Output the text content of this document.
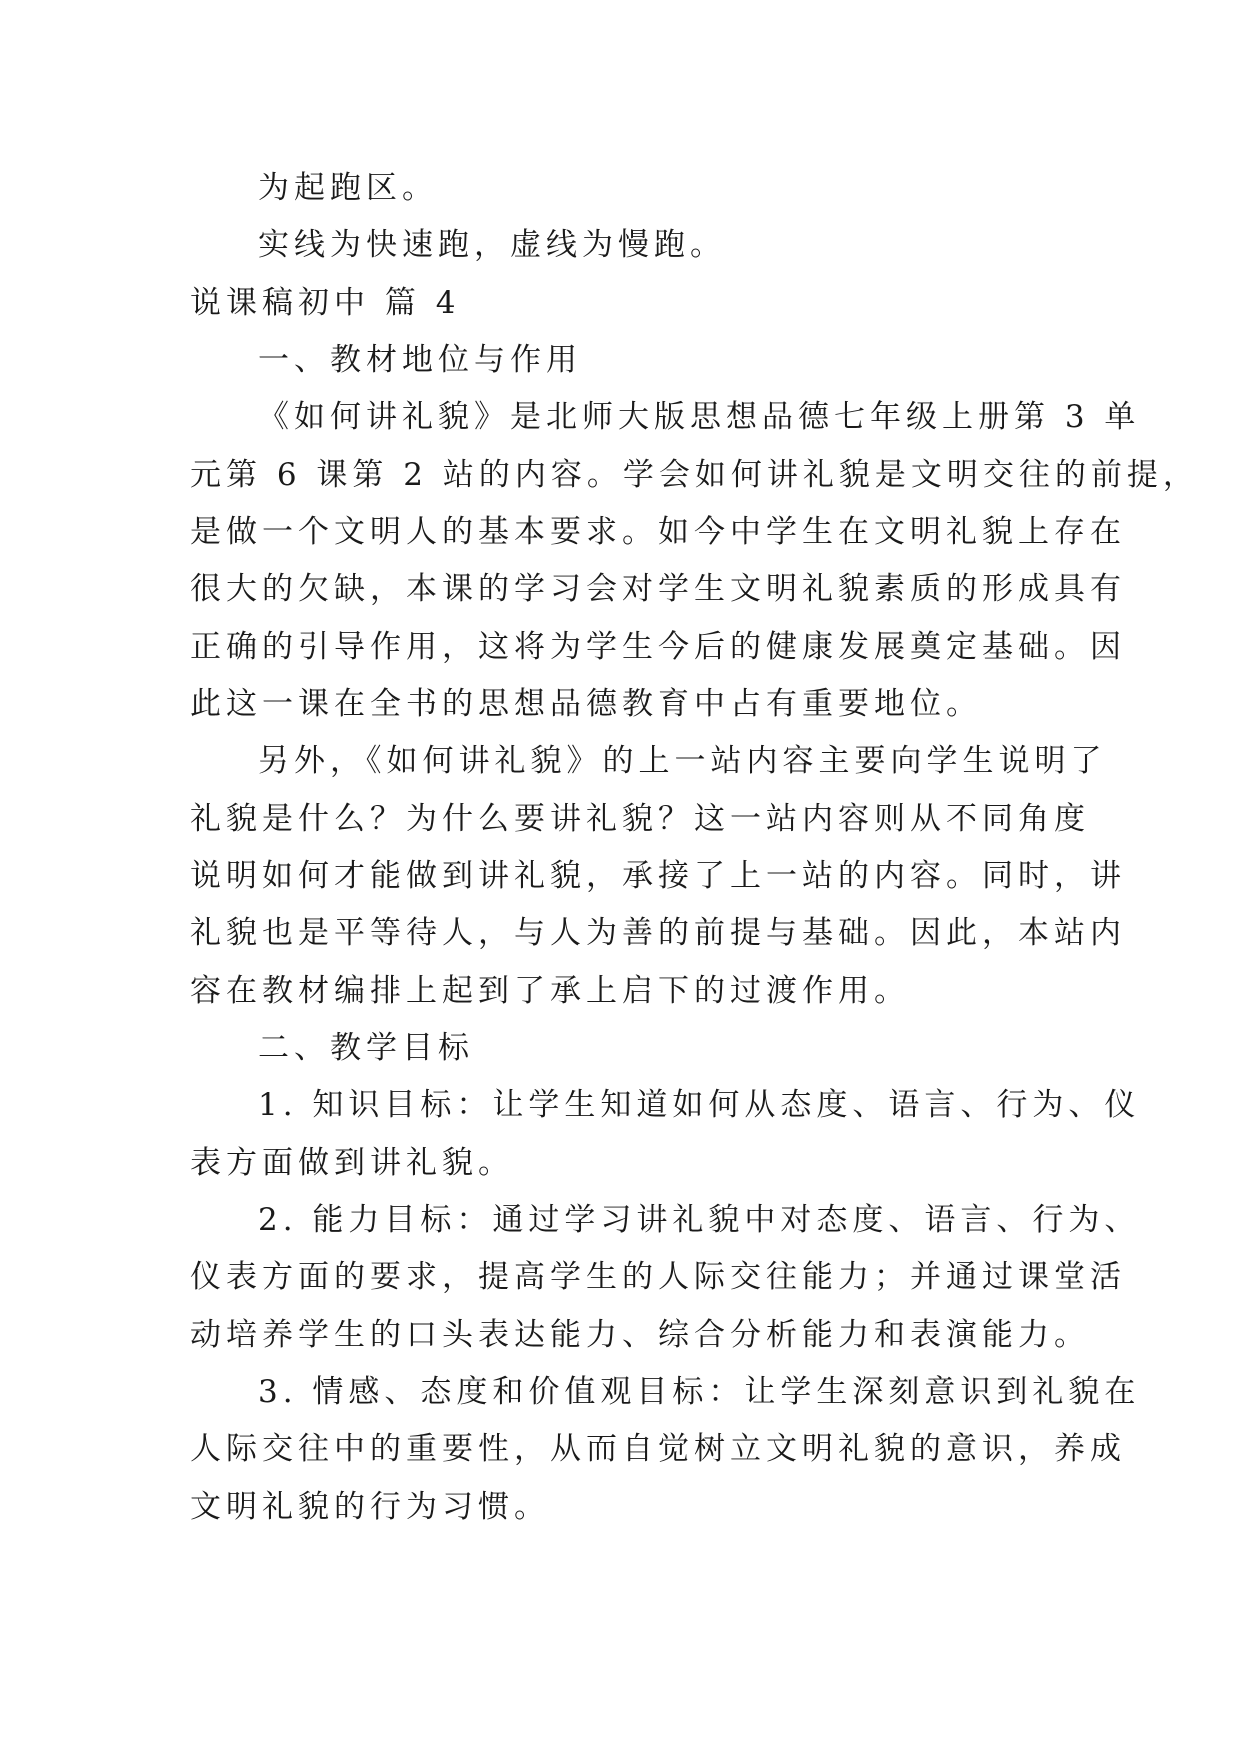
为起跑区。
实线为快速跑，虚线为慢跑。
说课稿初中 篇 4
一、教材地位与作用
《如何讲礼貌》是北师大版思想品德七年级上册第 3 单
元第 6 课第 2 站的内容。学会如何讲礼貌是文明交往的前提，
是做一个文明人的基本要求。如今中学生在文明礼貌上存在
很大的欠缺，本课的学习会对学生文明礼貌素质的形成具有
正确的引导作用，这将为学生今后的健康发展奠定基础。因
此这一课在全书的思想品德教育中占有重要地位。
另外，《如何讲礼貌》的上一站内容主要向学生说明了
礼貌是什么？为什么要讲礼貌？这一站内容则从不同角度
说明如何才能做到讲礼貌，承接了上一站的内容。同时，讲
礼貌也是平等待人，与人为善的前提与基础。因此，本站内
容在教材编排上起到了承上启下的过渡作用。
二、教学目标
1. 知识目标：让学生知道如何从态度、语言、行为、仪
表方面做到讲礼貌。
2. 能力目标：通过学习讲礼貌中对态度、语言、行为、
仪表方面的要求，提高学生的人际交往能力；并通过课堂活
动培养学生的口头表达能力、综合分析能力和表演能力。
3. 情感、态度和价值观目标：让学生深刻意识到礼貌在
人际交往中的重要性，从而自觉树立文明礼貌的意识，养成
文明礼貌的行为习惯。
